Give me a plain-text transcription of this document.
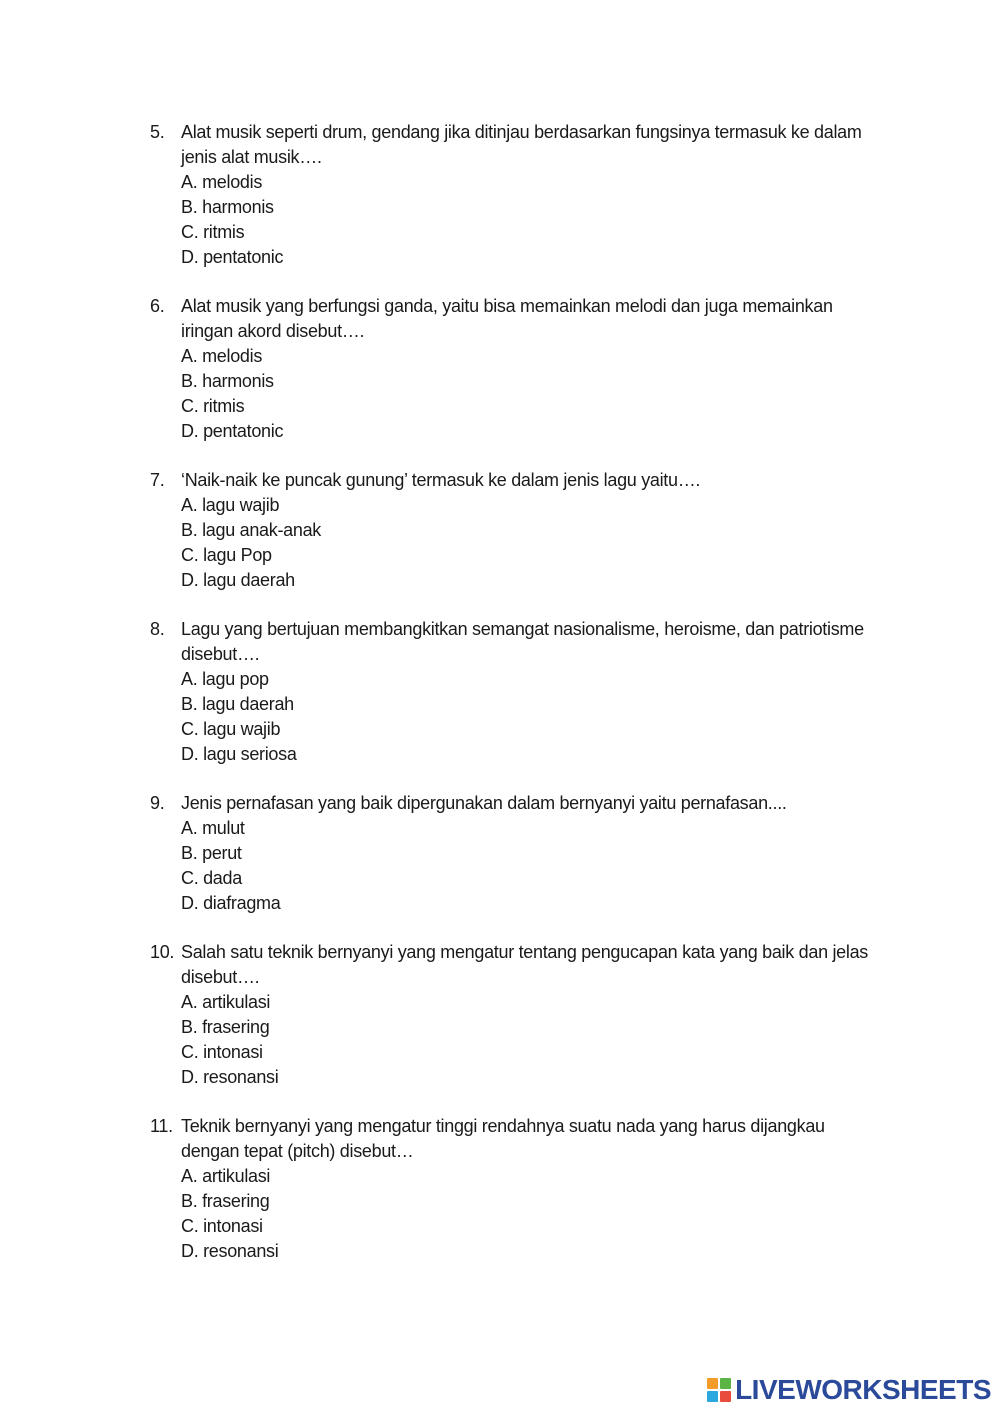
5. Alat musik seperti drum, gendang jika ditinjau berdasarkan fungsinya termasuk ke dalam jenis alat musik….
A. melodis
B. harmonis
C. ritmis
D. pentatonic
6. Alat musik yang berfungsi ganda, yaitu bisa memainkan melodi dan juga memainkan iringan akord disebut….
A. melodis
B. harmonis
C. ritmis
D. pentatonic
7. ‘Naik-naik ke puncak gunung’ termasuk ke dalam jenis lagu yaitu….
A. lagu wajib
B. lagu anak-anak
C. lagu Pop
D. lagu daerah
8. Lagu yang bertujuan membangkitkan semangat nasionalisme, heroisme, dan patriotisme disebut….
A. lagu pop
B. lagu daerah
C. lagu wajib
D. lagu seriosa
9. Jenis pernafasan yang baik dipergunakan dalam bernyanyi yaitu pernafasan....
A. mulut
B. perut
C. dada
D. diafragma
10. Salah satu teknik bernyanyi yang mengatur tentang pengucapan kata yang baik dan jelas disebut….
A. artikulasi
B. frasering
C. intonasi
D. resonansi
11. Teknik bernyanyi yang mengatur tinggi rendahnya suatu nada yang harus dijangkau dengan tepat (pitch) disebut…
A. artikulasi
B. frasering
C. intonasi
D. resonansi
LIVEWORKSHEETS
